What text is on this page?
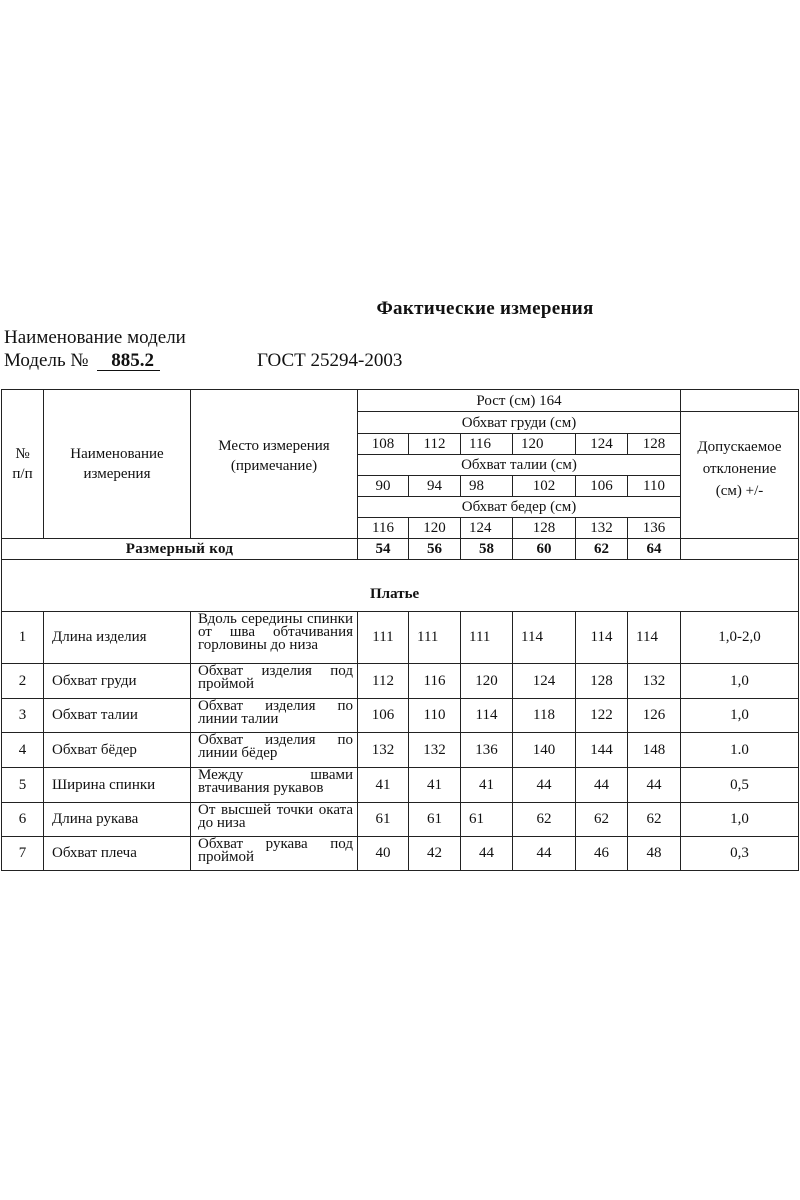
Фактические измерения
Наименование модели
Модель № 885.2	ГОСТ 25294-2003
№
п/п

Наименование
измерения

Место измерения
(примечание)
	Рост (см) 164	
			Обхват груди (см)						Допускаемое
отклонение
(см) +/-

			108	112	116	120	124	128	
			Обхват талии (см)						
			90	94	98	102	106	110	
			Обхват бедер (см)						
			116	120	124	128	132	136	
Размерный код			54	56	58	60	62	64	
Платье									
1	Длина изделия	Вдоль середины спинки от шва обтачивания горловины до низа	111	111	111	114	114	114	1,0-2,0
2	Обхват груди	Обхват изделия под проймой	112	116	120	124	128	132	1,0
3	Обхват талии	Обхват изделия по линии талии	106	110	114	118	122	126	1,0
4	Обхват бёдер	Обхват изделия по линии бёдер	132	132	136	140	144	148	1.0
5	Ширина спинки	Между швами втачивания рукавов	41	41	41	44	44	44	0,5
6	Длина рукава	От высшей точки оката до низа	61	61	61	62	62	62	1,0
7	Обхват плеча	Обхват рукава под проймой	40	42	44	44	46	48	0,3
